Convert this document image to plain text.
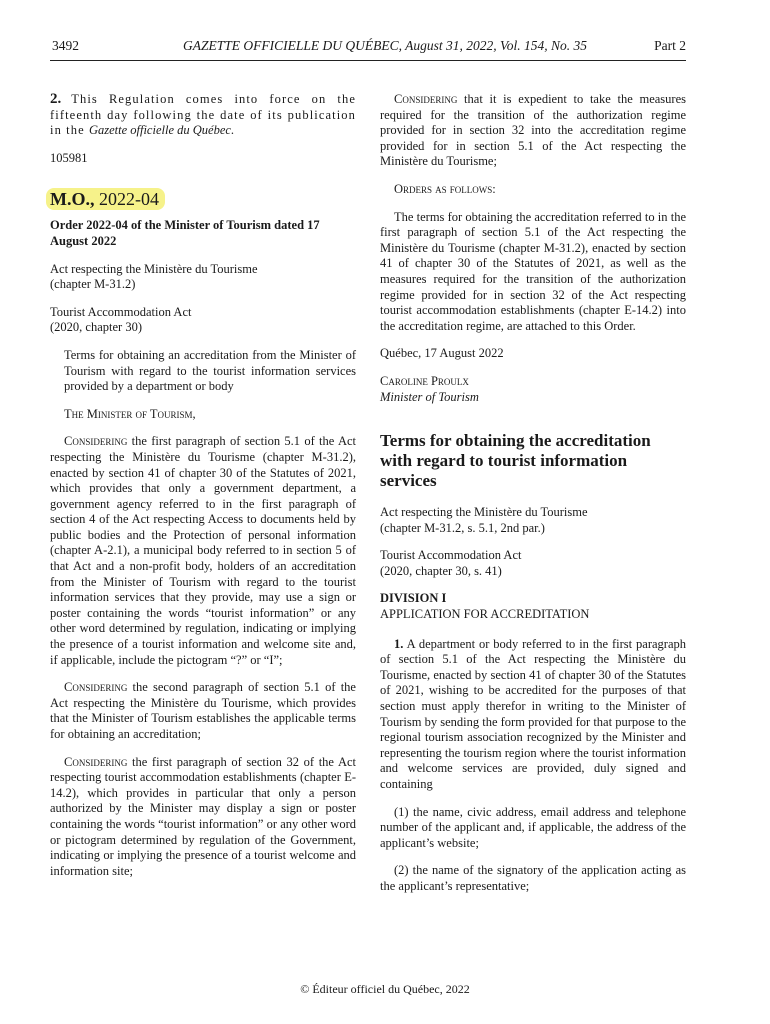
3492	GAZETTE OFFICIELLE DU QUÉBEC, August 31, 2022, Vol. 154, No. 35	Part 2

2. This Regulation comes into force on the fifteenth day following the date of its publication in the Gazette officielle du Québec.

105981

M.O., 2022-04

Order 2022-04 of the Minister of Tourism dated 17 August 2022

Act respecting the Ministère du Tourisme
(chapter M-31.2)

Tourist Accommodation Act
(2020, chapter 30)

Terms for obtaining an accreditation from the Minister of Tourism with regard to the tourist information services provided by a department or body

The Minister of Tourism,

Considering the first paragraph of section 5.1 of the Act respecting the Ministère du Tourisme (chapter M-31.2), enacted by section 41 of chapter 30 of the Statutes of 2021, which provides that only a government department, a government agency referred to in the first paragraph of section 4 of the Act respecting Access to documents held by public bodies and the Protection of personal information (chapter A-2.1), a municipal body referred to in section 5 of that Act and a non-profit body, holders of an accreditation from the Minister of Tourism with regard to the tourist information services that they provide, may use a sign or poster containing the words “tourist information” or any other word determined by regulation, indicating or implying the presence of a tourist information and welcome site and, if applicable, include the pictogram “?” or “I”;

Considering the second paragraph of section 5.1 of the Act respecting the Ministère du Tourisme, which provides that the Minister of Tourism establishes the applicable terms for obtaining an accreditation;

Considering the first paragraph of section 32 of the Act respecting tourist accommodation establishments (chapter E-14.2), which provides in particular that only a person authorized by the Minister may display a sign or poster containing the words “tourist information” or any other word or pictogram determined by regulation of the Government, indicating or implying the presence of a tourist welcome and information site;

Considering that it is expedient to take the measures required for the transition of the authorization regime provided for in section 32 into the accreditation regime provided for in section 5.1 of the Act respecting the Ministère du Tourisme;

Orders as follows:

The terms for obtaining the accreditation referred to in the first paragraph of section 5.1 of the Act respecting the Ministère du Tourisme (chapter M-31.2), enacted by section 41 of chapter 30 of the Statutes of 2021, as well as the measures required for the transition of the authorization regime provided for in section 32 of the Act respecting tourist accommodation establishments (chapter E-14.2) into the accreditation regime, are attached to this Order.

Québec, 17 August 2022

Caroline Proulx
Minister of Tourism

Terms for obtaining the accreditation with regard to tourist information services

Act respecting the Ministère du Tourisme
(chapter M-31.2, s. 5.1, 2nd par.)

Tourist Accommodation Act
(2020, chapter 30, s. 41)

DIVISION I
APPLICATION FOR ACCREDITATION

1. A department or body referred to in the first paragraph of section 5.1 of the Act respecting the Ministère du Tourisme, enacted by section 41 of chapter 30 of the Statutes of 2021, wishing to be accredited for the purposes of that section must apply therefor in writing to the Minister of Tourism by sending the form provided for that purpose to the regional tourism association recognized by the Minister and representing the tourism region where the tourist information and welcome services are provided, duly signed and containing

(1) the name, civic address, email address and telephone number of the applicant and, if applicable, the address of the applicant’s website;

(2) the name of the signatory of the application acting as the applicant’s representative;

© Éditeur officiel du Québec, 2022
